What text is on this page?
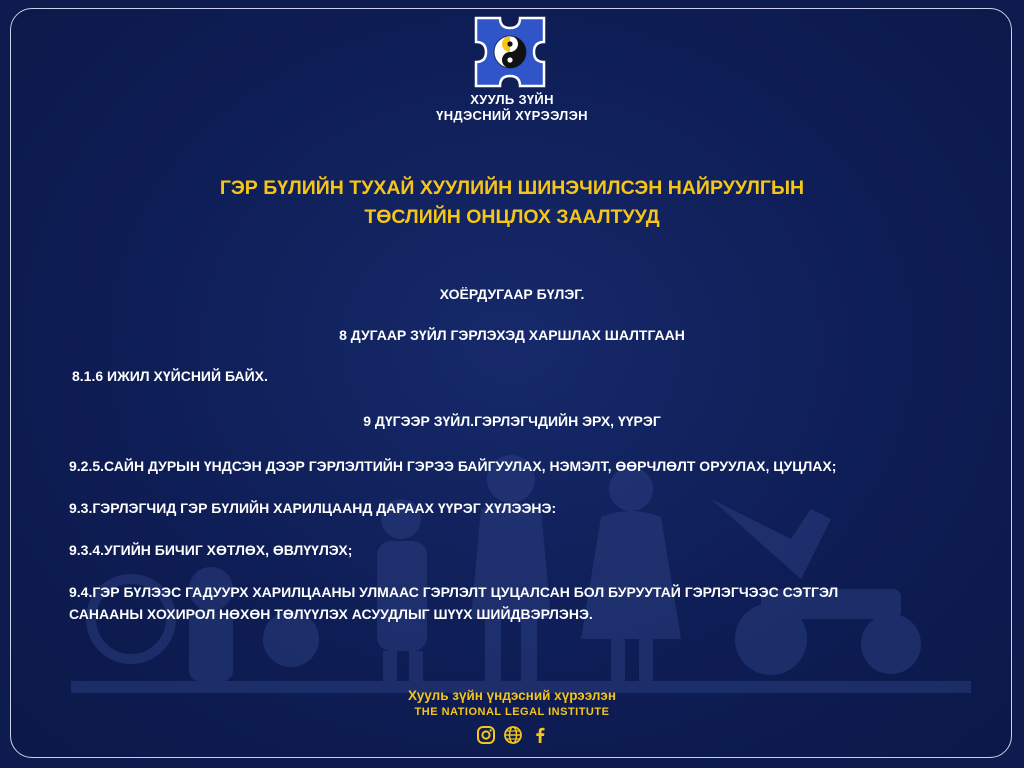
ХУУЛЬ ЗҮЙН
ҮНДЭСНИЙ ХҮРЭЭЛЭН
ГЭР БҮЛИЙН ТУХАЙ ХУУЛИЙН ШИНЭЧИЛСЭН НАЙРУУЛГЫН
ТӨСЛИЙН ОНЦЛОХ ЗААЛТУУД
ХОЁРДУГААР БҮЛЭГ.
8 ДУГААР ЗҮЙЛ ГЭРЛЭХЭД ХАРШЛАХ ШАЛТГААН
8.1.6 ИЖИЛ ХҮЙСНИЙ БАЙХ.
9 ДҮГЭЭР ЗҮЙЛ.ГЭРЛЭГЧДИЙН ЭРХ, ҮҮРЭГ
9.2.5.САЙН ДУРЫН ҮНДСЭН ДЭЭР ГЭРЛЭЛТИЙН ГЭРЭЭ БАЙГУУЛАХ, НЭМЭЛТ, ӨӨРЧЛӨЛТ ОРУУЛАХ, ЦУЦЛАХ;
9.3.ГЭРЛЭГЧИД ГЭР БҮЛИЙН ХАРИЛЦААНД ДАРААХ ҮҮРЭГ ХҮЛЭЭНЭ:
9.3.4.УГИЙН БИЧИГ ХӨТЛӨХ, ӨВЛҮҮЛЭХ;
9.4.ГЭР БҮЛЭЭС ГАДУУРХ ХАРИЛЦААНЫ УЛМААС ГЭРЛЭЛТ ЦУЦАЛСАН БОЛ БУРУУТАЙ ГЭРЛЭГЧЭЭС СЭТГЭЛ
САНААНЫ ХОХИРОЛ НӨХӨН ТӨЛҮҮЛЭХ АСУУДЛЫГ ШҮҮХ ШИЙДВЭРЛЭНЭ.
Хууль зүйн үндэсний хүрээлэн
THE NATIONAL LEGAL INSTITUTE
